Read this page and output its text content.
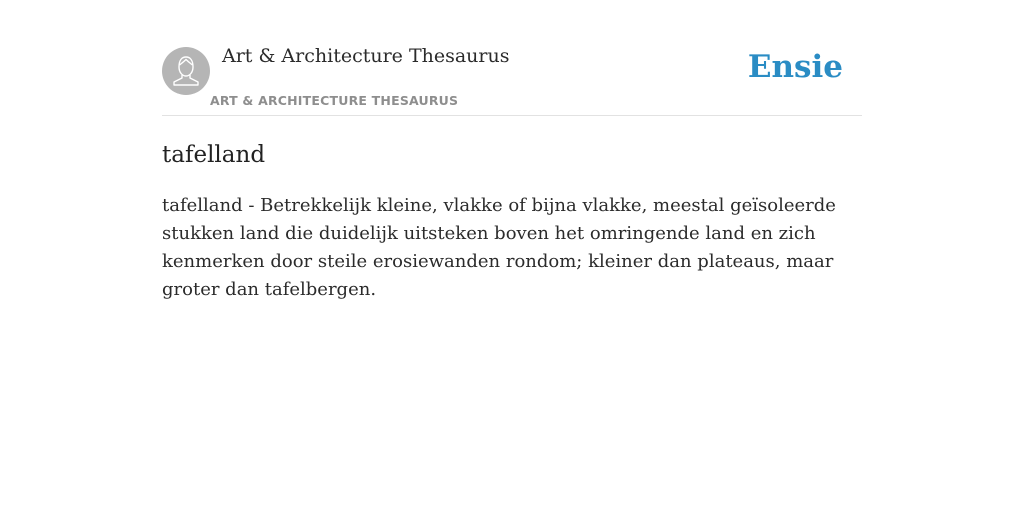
Art & Architecture Thesaurus
ART & ARCHITECTURE THESAURUS
Ensie
tafelland

tafelland - Betrekkelijk kleine, vlakke of bijna vlakke, meestal geïsoleerde stukken land die duidelijk uitsteken boven het omringende land en zich kenmerken door steile erosiewanden rondom; kleiner dan plateaus, maar groter dan tafelbergen.
